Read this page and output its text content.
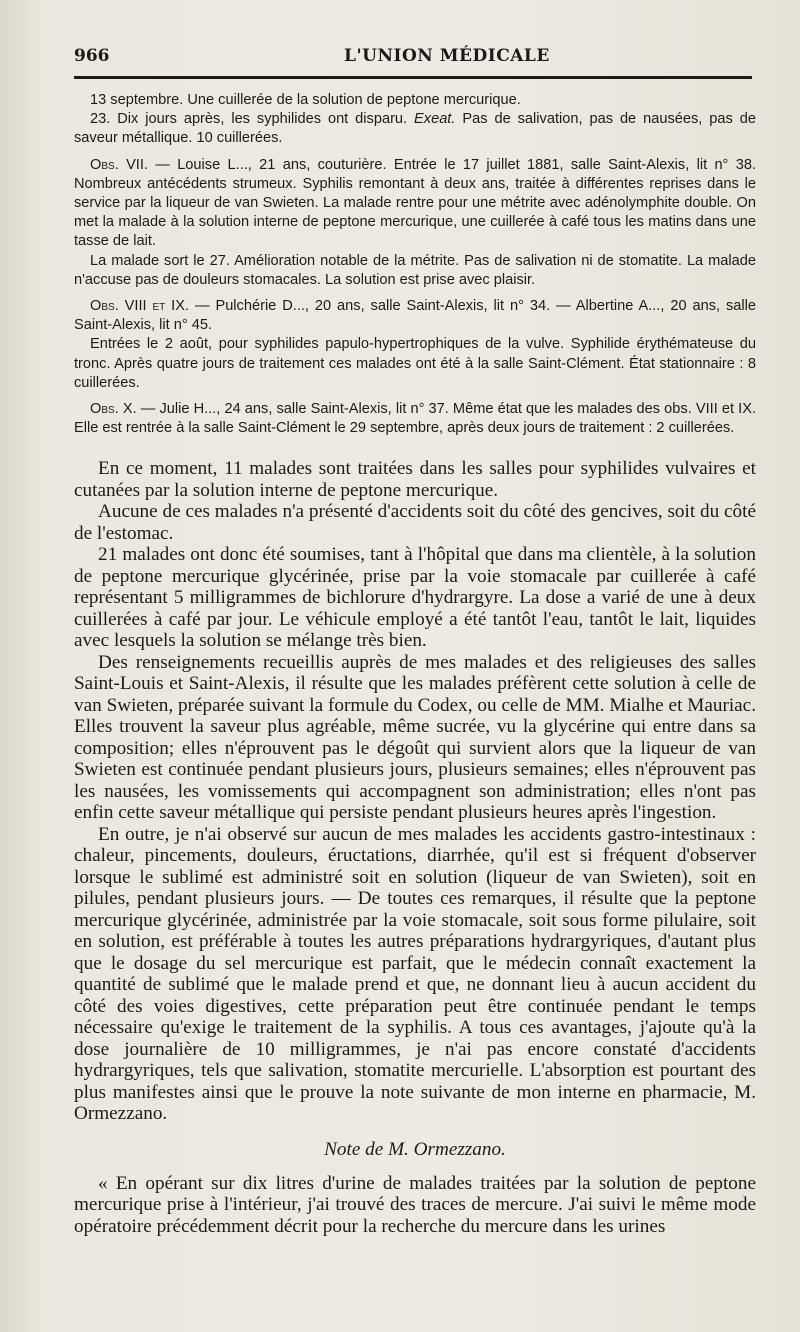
966	L'UNION MÉDICALE

13 septembre. Une cuillerée de la solution de peptone mercurique.

23. Dix jours après, les syphilides ont disparu. Exeat. Pas de salivation, pas de nausées, pas de saveur métallique. 10 cuillerées.

Obs. VII. — Louise L..., 21 ans, couturière. Entrée le 17 juillet 1881, salle Saint-Alexis, lit n° 38. Nombreux antécédents strumeux. Syphilis remontant à deux ans, traitée à différentes reprises dans le service par la liqueur de van Swieten. La malade rentre pour une métrite avec adénolymphite double. On met la malade à la solution interne de peptone mercurique, une cuillerée à café tous les matins dans une tasse de lait.

La malade sort le 27. Amélioration notable de la métrite. Pas de salivation ni de stomatite. La malade n'accuse pas de douleurs stomacales. La solution est prise avec plaisir.

Obs. VIII et IX. — Pulchérie D..., 20 ans, salle Saint-Alexis, lit n° 34. — Albertine A..., 20 ans, salle Saint-Alexis, lit n° 45.

Entrées le 2 août, pour syphilides papulo-hypertrophiques de la vulve. Syphilide érythémateuse du tronc. Après quatre jours de traitement ces malades ont été à la salle Saint-Clément. État stationnaire : 8 cuillerées.

Obs. X. — Julie H..., 24 ans, salle Saint-Alexis, lit n° 37. Même état que les malades des obs. VIII et IX. Elle est rentrée à la salle Saint-Clément le 29 septembre, après deux jours de traitement : 2 cuillerées.

En ce moment, 11 malades sont traitées dans les salles pour syphilides vulvaires et cutanées par la solution interne de peptone mercurique.

Aucune de ces malades n'a présenté d'accidents soit du côté des gencives, soit du côté de l'estomac.

21 malades ont donc été soumises, tant à l'hôpital que dans ma clientèle, à la solution de peptone mercurique glycérinée, prise par la voie stomacale par cuillerée à café représentant 5 milligrammes de bichlorure d'hydrargyre. La dose a varié de une à deux cuillerées à café par jour. Le véhicule employé a été tantôt l'eau, tantôt le lait, liquides avec lesquels la solution se mélange très bien.

Des renseignements recueillis auprès de mes malades et des religieuses des salles Saint-Louis et Saint-Alexis, il résulte que les malades préfèrent cette solution à celle de van Swieten, préparée suivant la formule du Codex, ou celle de MM. Mialhe et Mauriac. Elles trouvent la saveur plus agréable, même sucrée, vu la glycérine qui entre dans sa composition; elles n'éprouvent pas le dégoût qui survient alors que la liqueur de van Swieten est continuée pendant plusieurs jours, plusieurs semaines; elles n'éprouvent pas les nausées, les vomissements qui accompagnent son administration; elles n'ont pas enfin cette saveur métallique qui persiste pendant plusieurs heures après l'ingestion.

En outre, je n'ai observé sur aucun de mes malades les accidents gastro-intestinaux : chaleur, pincements, douleurs, éructations, diarrhée, qu'il est si fréquent d'observer lorsque le sublimé est administré soit en solution (liqueur de van Swieten), soit en pilules, pendant plusieurs jours. — De toutes ces remarques, il résulte que la peptone mercurique glycérinée, administrée par la voie stomacale, soit sous forme pilulaire, soit en solution, est préférable à toutes les autres préparations hydrargyriques, d'autant plus que le dosage du sel mercurique est parfait, que le médecin connaît exactement la quantité de sublimé que le malade prend et que, ne donnant lieu à aucun accident du côté des voies digestives, cette préparation peut être continuée pendant le temps nécessaire qu'exige le traitement de la syphilis. A tous ces avantages, j'ajoute qu'à la dose journalière de 10 milligrammes, je n'ai pas encore constaté d'accidents hydrargyriques, tels que salivation, stomatite mercurielle. L'absorption est pourtant des plus manifestes ainsi que le prouve la note suivante de mon interne en pharmacie, M. Ormezzano.

Note de M. Ormezzano.

« En opérant sur dix litres d'urine de malades traitées par la solution de peptone mercurique prise à l'intérieur, j'ai trouvé des traces de mercure. J'ai suivi le même mode opératoire précédemment décrit pour la recherche du mercure dans les urines
